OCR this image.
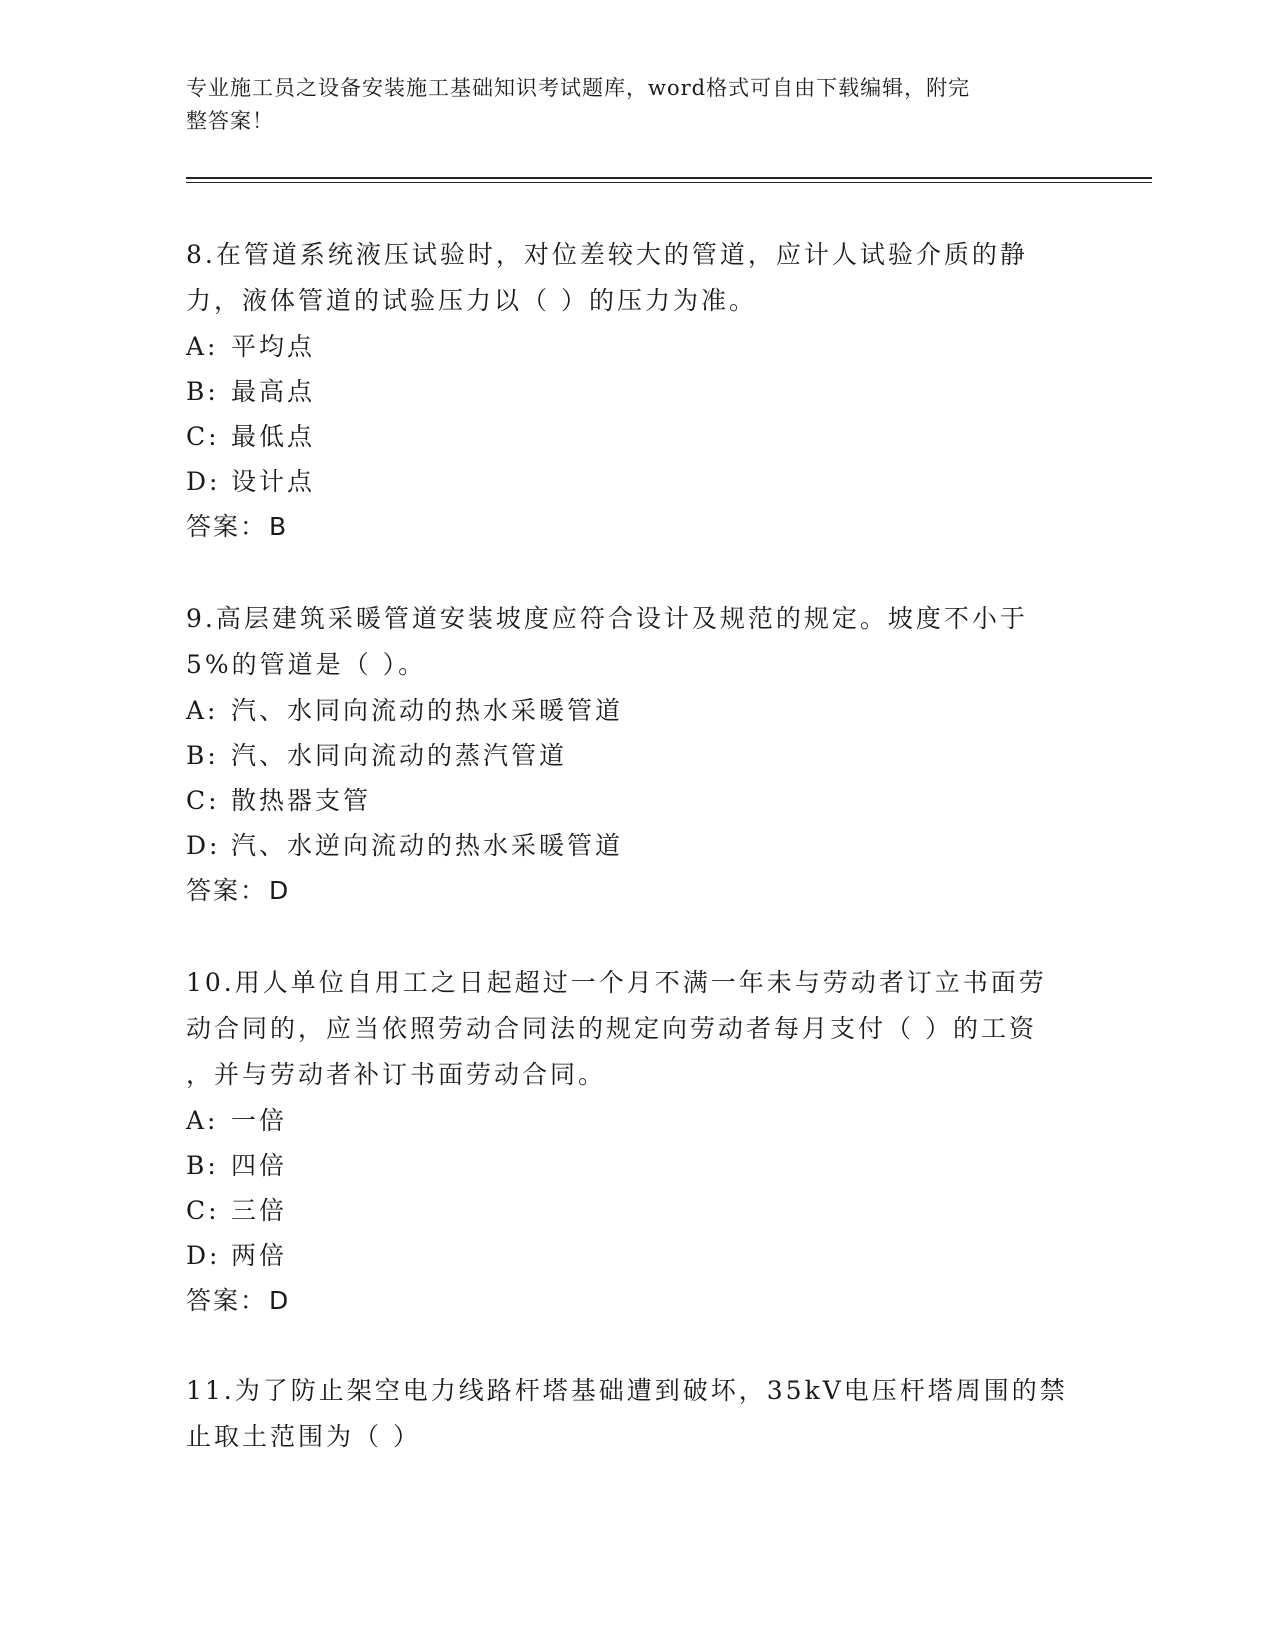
专业施工员之设备安装施工基础知识考试题库，word格式可自由下载编辑，附完
整答案！
8.在管道系统液压试验时，对位差较大的管道，应计人试验介质的静
力，液体管道的试验压力以（ ）的压力为准。
A: 平均点
B: 最高点
C: 最低点
D: 设计点
答案：B
9.高层建筑采暖管道安装坡度应符合设计及规范的规定。坡度不小于
5%的管道是（ ）。
A: 汽、水同向流动的热水采暖管道
B: 汽、水同向流动的蒸汽管道
C: 散热器支管
D: 汽、水逆向流动的热水采暖管道
答案：D
10.用人单位自用工之日起超过一个月不满一年未与劳动者订立书面劳
动合同的，应当依照劳动合同法的规定向劳动者每月支付（ ）的工资
，并与劳动者补订书面劳动合同。
A: 一倍
B: 四倍
C: 三倍
D: 两倍
答案：D
11.为了防止架空电力线路杆塔基础遭到破坏，35kV电压杆塔周围的禁
止取土范围为（ ）
